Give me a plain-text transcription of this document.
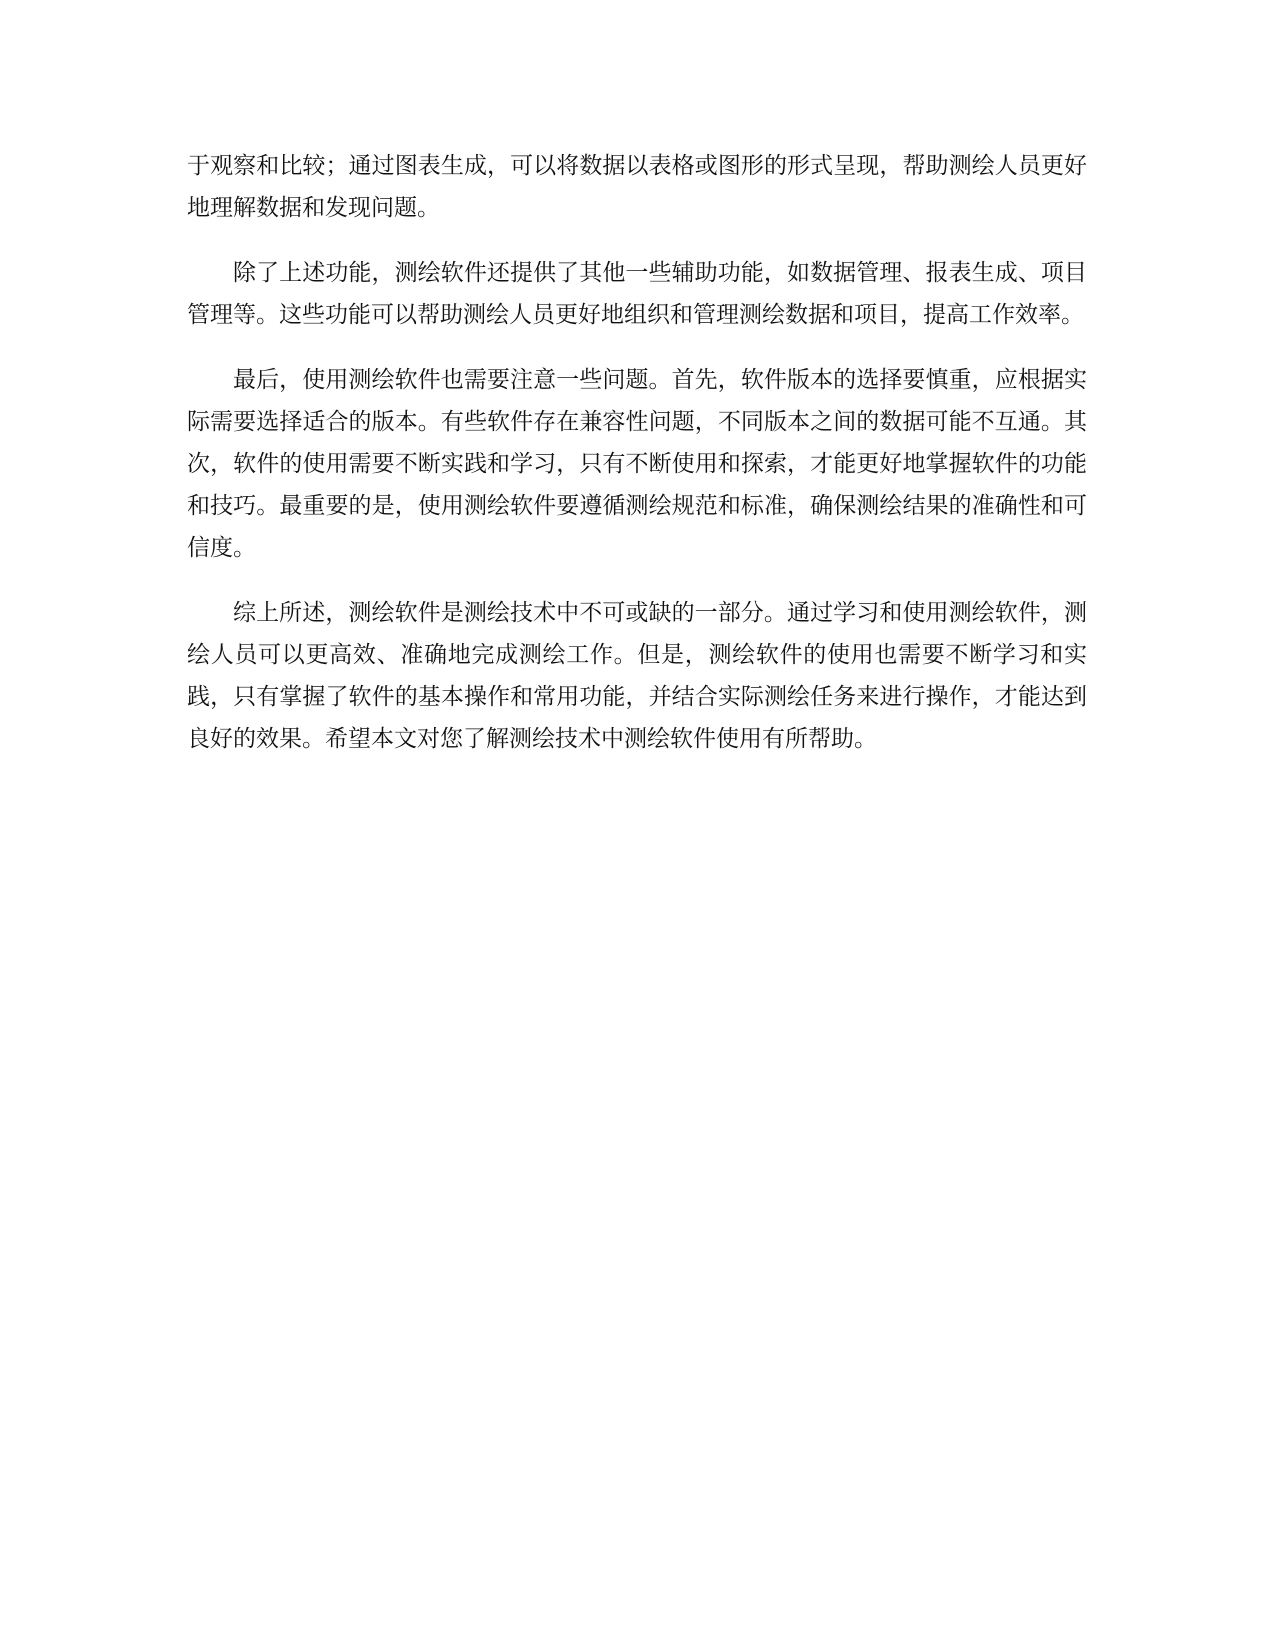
于观察和比较；通过图表生成，可以将数据以表格或图形的形式呈现，帮助测绘人员更好地理解数据和发现问题。

除了上述功能，测绘软件还提供了其他一些辅助功能，如数据管理、报表生成、项目管理等。这些功能可以帮助测绘人员更好地组织和管理测绘数据和项目，提高工作效率。

最后，使用测绘软件也需要注意一些问题。首先，软件版本的选择要慎重，应根据实际需要选择适合的版本。有些软件存在兼容性问题，不同版本之间的数据可能不互通。其次，软件的使用需要不断实践和学习，只有不断使用和探索，才能更好地掌握软件的功能和技巧。最重要的是，使用测绘软件要遵循测绘规范和标准，确保测绘结果的准确性和可信度。

综上所述，测绘软件是测绘技术中不可或缺的一部分。通过学习和使用测绘软件，测绘人员可以更高效、准确地完成测绘工作。但是，测绘软件的使用也需要不断学习和实践，只有掌握了软件的基本操作和常用功能，并结合实际测绘任务来进行操作，才能达到良好的效果。希望本文对您了解测绘技术中测绘软件使用有所帮助。
